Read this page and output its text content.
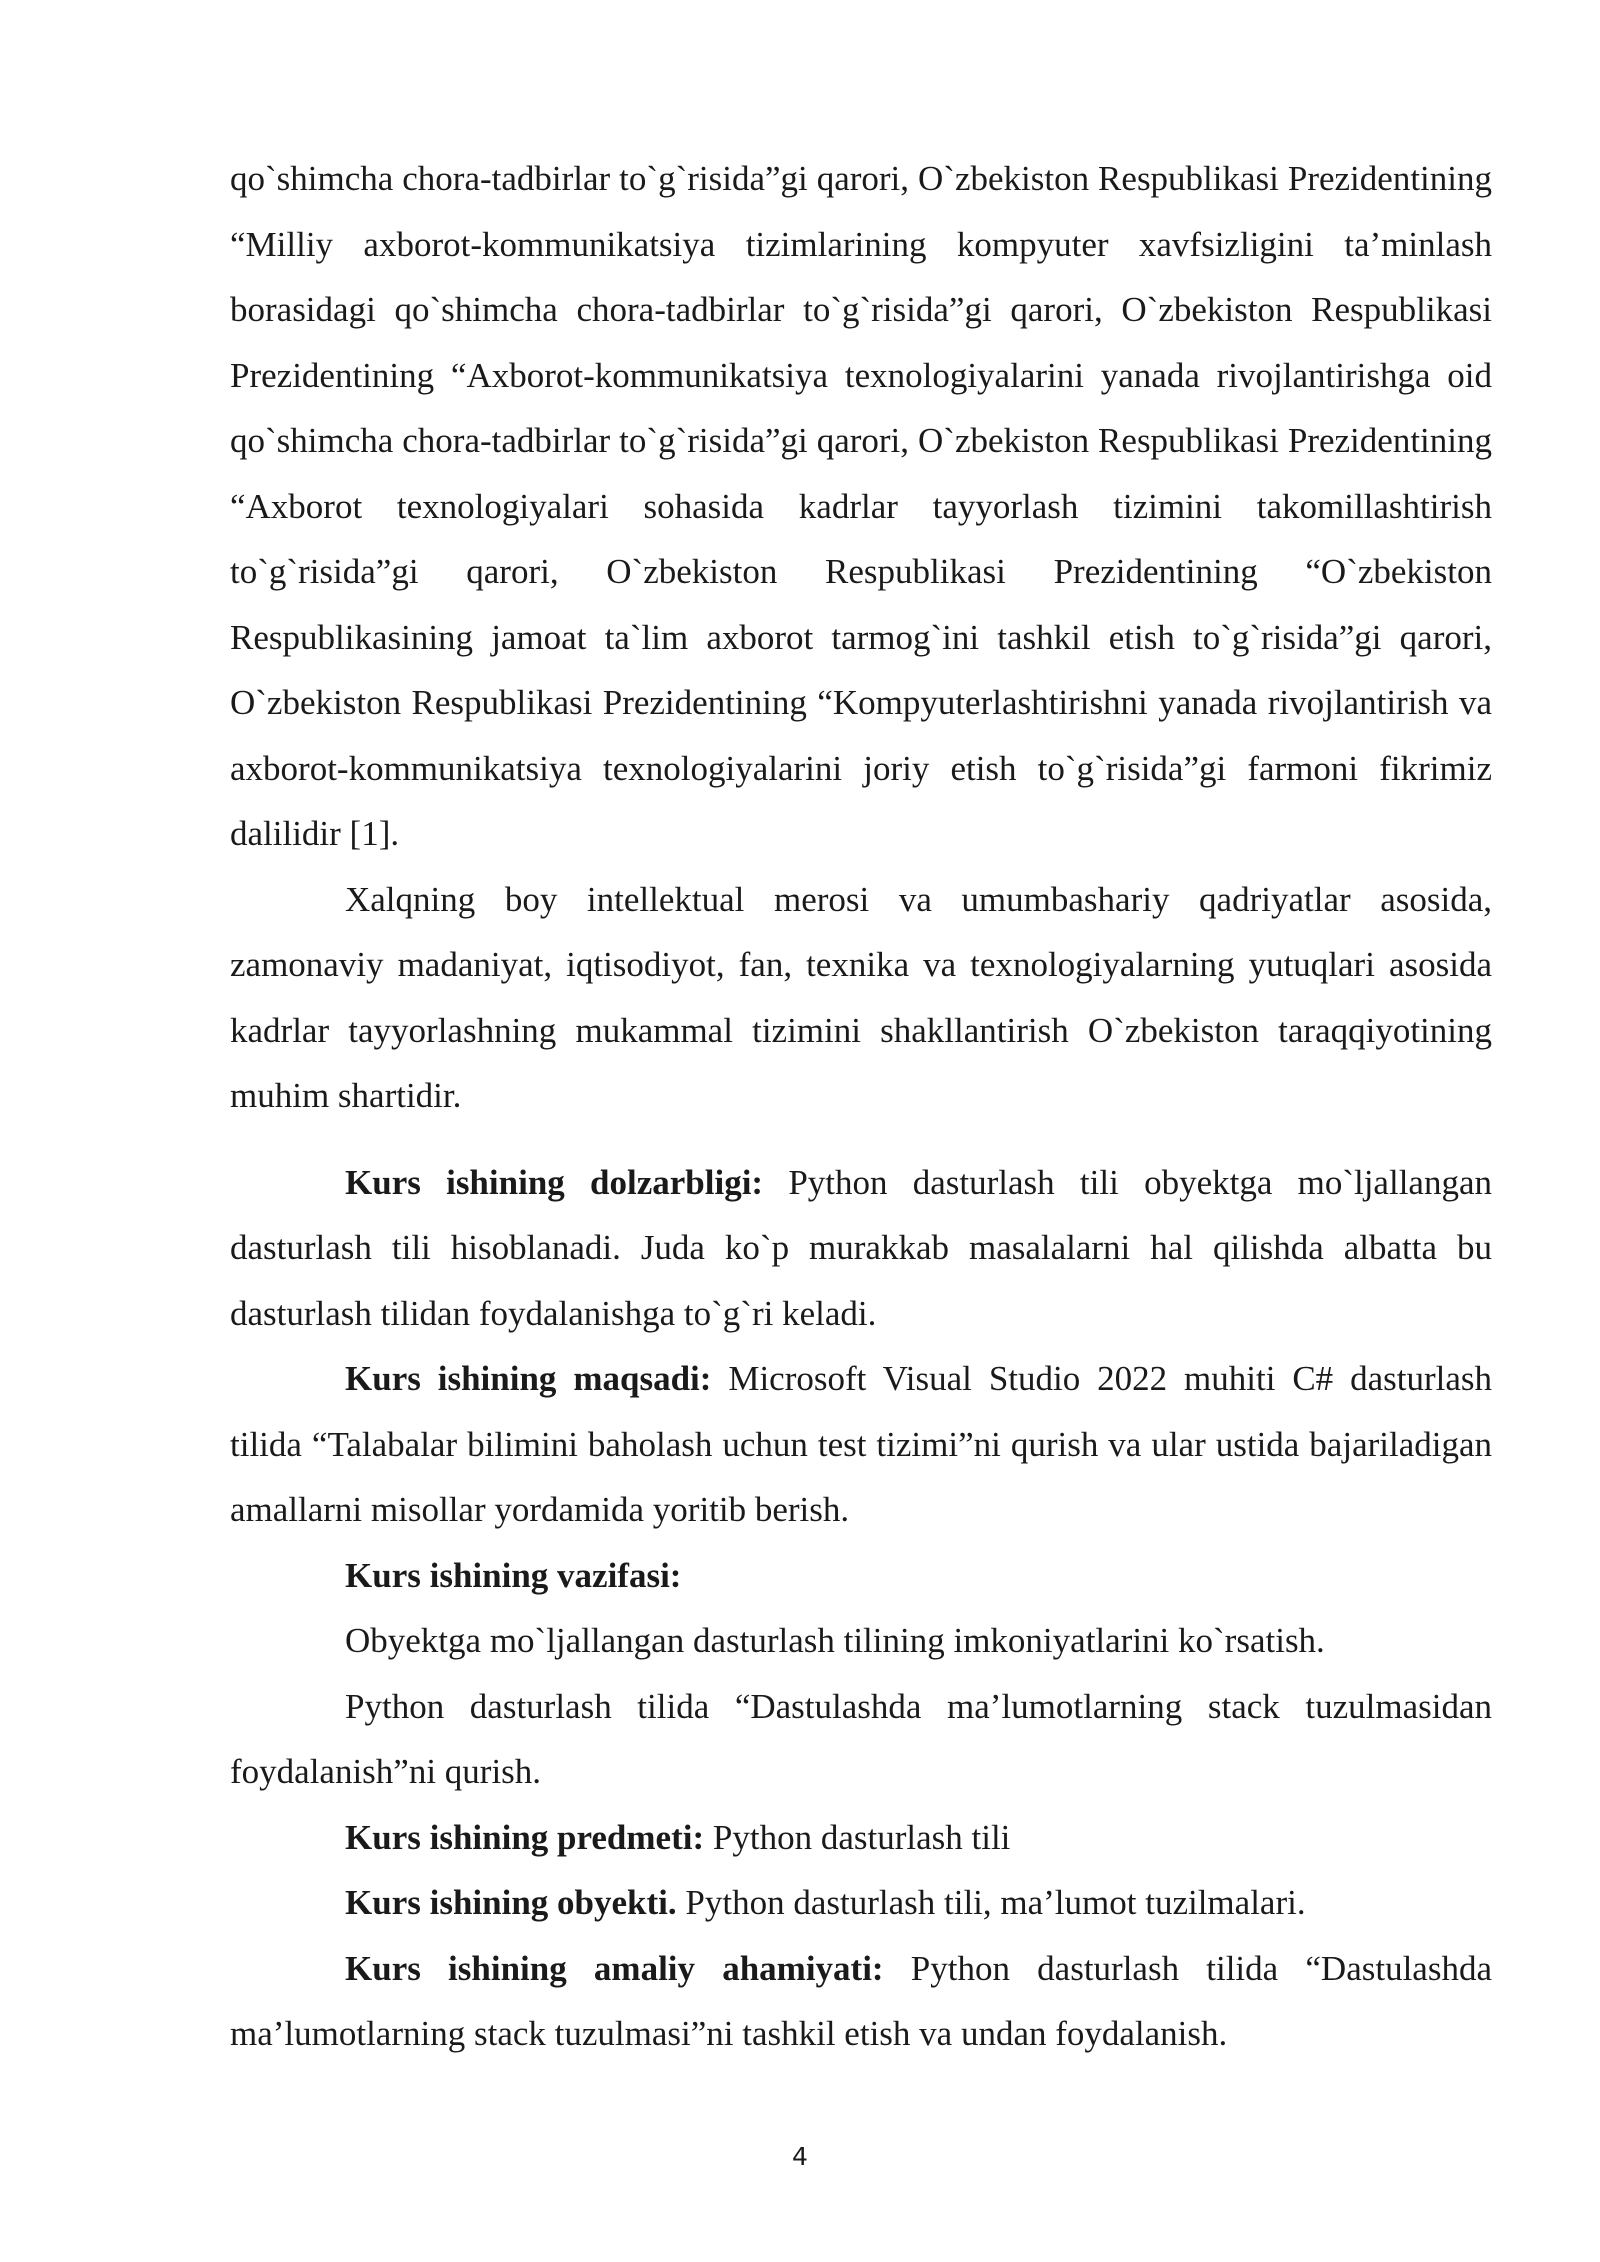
qo`shimcha chora-tadbirlar to`g`risida”gi qarori, O`zbekiston Respublikasi Prezidentining “Milliy axborot-kommunikatsiya tizimlarining kompyuter xavfsizligini ta’minlash borasidagi qo`shimcha chora-tadbirlar to`g`risida”gi qarori, O`zbekiston Respublikasi Prezidentining “Axborot-kommunikatsiya texnologiyalarini yanada rivojlantirishga oid qo`shimcha chora-tadbirlar to`g`risida”gi qarori, O`zbekiston Respublikasi Prezidentining “Axborot texnologiyalari sohasida kadrlar tayyorlash tizimini takomillashtirish to`g`risida”gi qarori, O`zbekiston Respublikasi Prezidentining “O`zbekiston Respublikasining jamoat ta`lim axborot tarmog`ini tashkil etish to`g`risida”gi qarori, O`zbekiston Respublikasi Prezidentining “Kompyuterlashtirishni yanada rivojlantirish va axborot-kommunikatsiya texnologiyalarini joriy etish to`g`risida”gi farmoni fikrimiz dalilidir [1].

Xalqning boy intellektual merosi va umumbashariy qadriyatlar asosida, zamonaviy madaniyat, iqtisodiyot, fan, texnika va texnologiyalarning yutuqlari asosida kadrlar tayyorlashning mukammal tizimini shakllantirish O`zbekiston taraqqiyotining muhim shartidir.

Kurs ishining dolzarbligi: Python dasturlash tili obyektga mo`ljallangan dasturlash tili hisoblanadi. Juda ko`p murakkab masalalarni hal qilishda albatta bu dasturlash tilidan foydalanishga to`g`ri keladi.

Kurs ishining maqsadi: Microsoft Visual Studio 2022 muhiti C# dasturlash tilida “Talabalar bilimini baholash uchun test tizimi”ni qurish va ular ustida bajariladigan amallarni misollar yordamida yoritib berish.

Kurs ishining vazifasi:

Obyektga mo`ljallangan dasturlash tilining imkoniyatlarini ko`rsatish.

Python dasturlash tilida “Dastulashda ma’lumotlarning stack tuzulmasidan foydalanish”ni qurish.

Kurs ishining predmeti: Python dasturlash tili

Kurs ishining obyekti. Python dasturlash tili, ma’lumot tuzilmalari.

Kurs ishining amaliy ahamiyati: Python dasturlash tilida “Dastulashda ma’lumotlarning stack tuzulmasi”ni tashkil etish va undan foydalanish.

4
